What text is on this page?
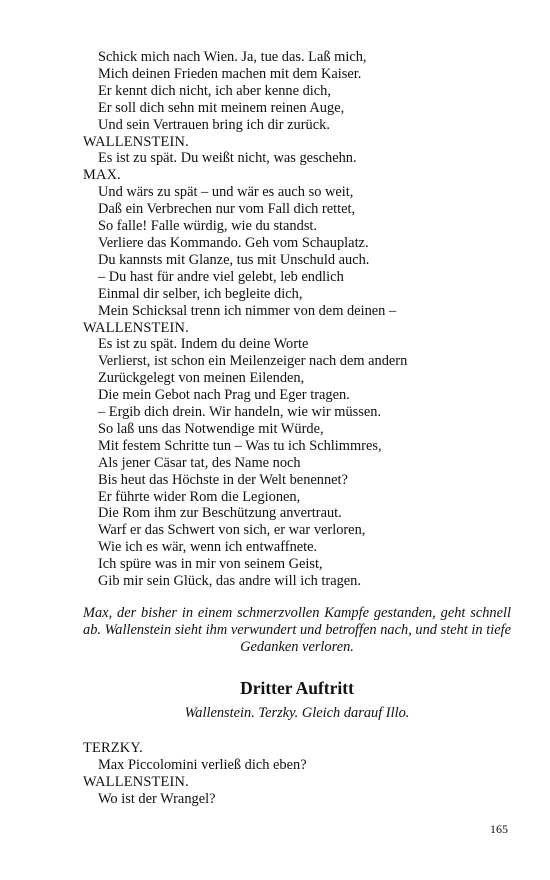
Schick mich nach Wien. Ja, tue das. Laß mich,
Mich deinen Frieden machen mit dem Kaiser.
Er kennt dich nicht, ich aber kenne dich,
Er soll dich sehn mit meinem reinen Auge,
Und sein Vertrauen bring ich dir zurück.
WALLENSTEIN.
Es ist zu spät. Du weißt nicht, was geschehn.
MAX.
Und wärs zu spät – und wär es auch so weit,
Daß ein Verbrechen nur vom Fall dich rettet,
So falle! Falle würdig, wie du standst.
Verliere das Kommando. Geh vom Schauplatz.
Du kannsts mit Glanze, tus mit Unschuld auch.
– Du hast für andre viel gelebt, leb endlich
Einmal dir selber, ich begleite dich,
Mein Schicksal trenn ich nimmer von dem deinen –
WALLENSTEIN.
Es ist zu spät. Indem du deine Worte
Verlierst, ist schon ein Meilenzeiger nach dem andern
Zurückgelegt von meinen Eilenden,
Die mein Gebot nach Prag und Eger tragen.
– Ergib dich drein. Wir handeln, wie wir müssen.
So laß uns das Notwendige mit Würde,
Mit festem Schritte tun – Was tu ich Schlimmres,
Als jener Cäsar tat, des Name noch
Bis heut das Höchste in der Welt benennet?
Er führte wider Rom die Legionen,
Die Rom ihm zur Beschützung anvertraut.
Warf er das Schwert von sich, er war verloren,
Wie ich es wär, wenn ich entwaffnete.
Ich spüre was in mir von seinem Geist,
Gib mir sein Glück, das andre will ich tragen.
Max, der bisher in einem schmerzvollen Kampfe gestanden, geht schnell ab. Wallenstein sieht ihm verwundert und betroffen nach, und steht in tiefe Gedanken verloren.
Dritter Auftritt
Wallenstein. Terzky. Gleich darauf Illo.
TERZKY.
Max Piccolomini verließ dich eben?
WALLENSTEIN.
Wo ist der Wrangel?
165
